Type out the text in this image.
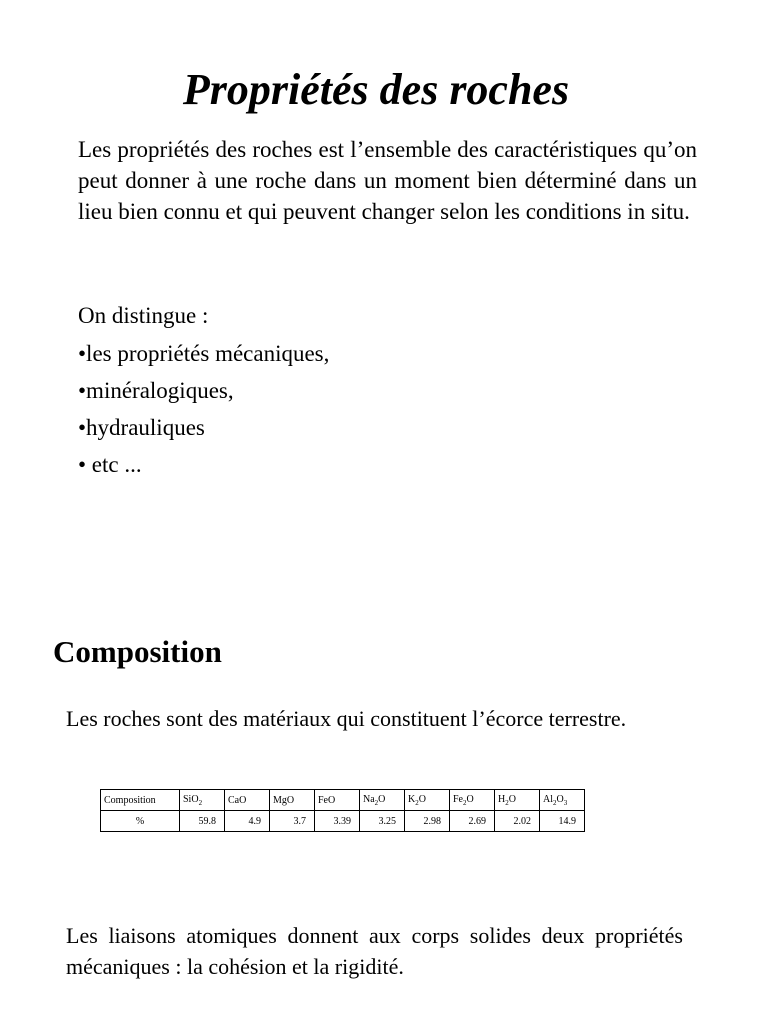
Propriétés des roches

Les propriétés des roches est l’ensemble des caractéristiques qu’on peut donner à une roche dans un moment bien déterminé dans un lieu bien connu et qui peuvent changer selon les conditions in situ.

On distingue :

•les propriétés mécaniques,
•minéralogiques,
•hydrauliques
• etc ...
Composition

Les roches sont des matériaux qui constituent l’écorce terrestre.

Composition	SiO$_2$	CaO	MgO	FeO	$Na_2O$	$K_2O$	$Fe_2O$	$H_2O$	$Al_2O_3$
%	59.8	4.9	3.7	3.39	3.25	2.98	2.69	2.02	14.9

Les liaisons atomiques donnent aux corps solides deux propriétés mécaniques : la cohésion et la rigidité.
